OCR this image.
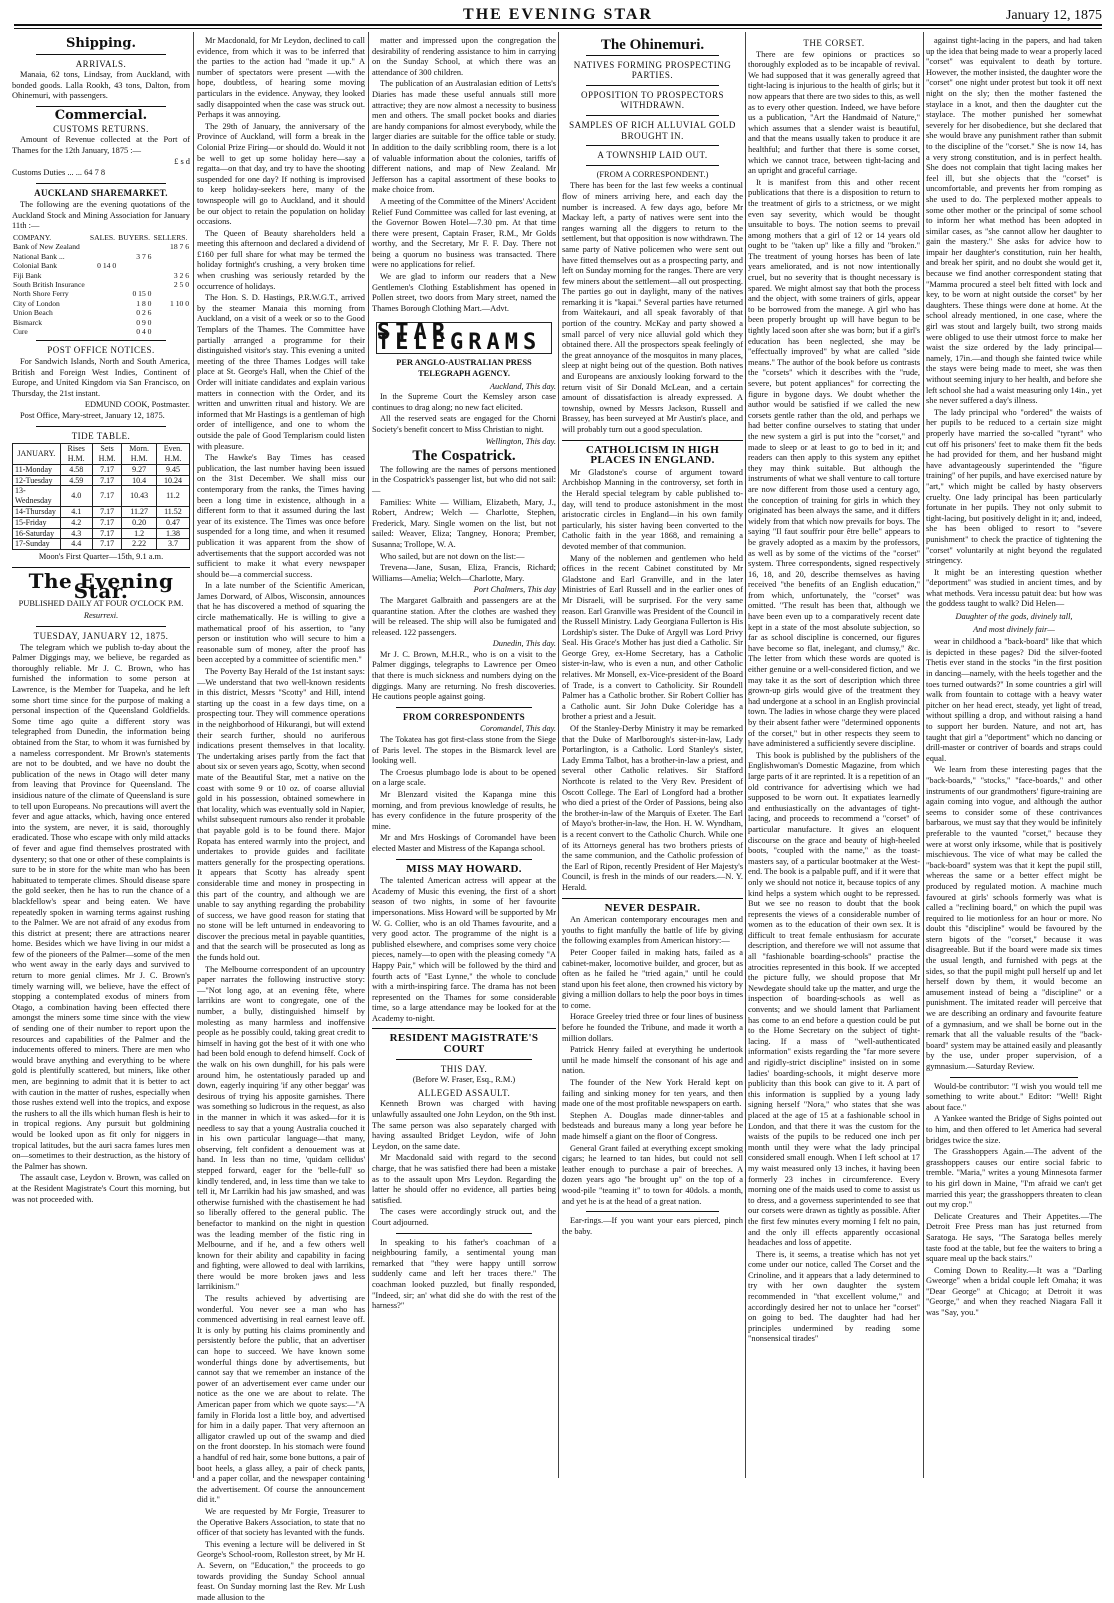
THE EVENING STAR	January 12, 1875
Shipping.
ARRIVALS.

Manaia, 62 tons, Lindsay, from Auckland, with bonded goods. Lalla Rookh, 43 tons, Dalton, from Ohinemuri, with passengers.

Commercial.
CUSTOMS RETURNS.

Amount of Revenue collected at the Port of Thames for the 12th January, 1875 :—

£ s d

Customs Duties ... ... 64 7 8

AUCKLAND SHAREMARKET.

The following are the evening quotations of the Auckland Stock and Mining Association for January 11th :—

COMPANY.	SALES.	BUYERS.	SELLERS.
Bank of New Zealand			18 7 6
National Bank ...		3 7 6	
Colonial Bank	0 14 0		
Fiji Bank			3 2 6
South British Insurance			2 5 0
North Shore Ferry		0 15 0	
City of London		1 8 0	1 10 0
Union Beach		0 2 6	
Bismarck		0 9 0	
Cure		0 4 0	
POST OFFICE NOTICES.

For Sandwich Islands, North and South America, British and Foreign West Indies, Continent of Europe, and United Kingdom via San Francisco, on Thursday, the 21st instant.

EDMUND COOK, Postmaster.

Post Office, Mary-street, January 12, 1875.

TIDE TABLE.
JANUARY.	Rises H.M.	Sets H.M.	Morn. H.M.	Even. H.M.
11-Monday	4.58	7.17	9.27	9.45
12-Tuesday	4.59	7.17	10.4	10.24
13-Wednesday	4.0	7.17	10.43	11.2
14-Thursday	4.1	7.17	11.27	11.52
15-Friday	4.2	7.17	0.20	0.47
16-Saturday	4.3	7.17	1.2	1.38
17-Sunday	4.4	7.17	2.22	3.7
Moon's First Quarter—15th, 9.1 a.m.
The Evening Star.
PUBLISHED DAILY AT FOUR O'CLOCK P.M.
Resurrexi.
TUESDAY, JANUARY 12, 1875.

The telegram which we publish to-day about the Palmer Diggings may, we believe, be regarded as thoroughly reliable. Mr J. C. Brown, who has furnished the information to some person at Lawrence, is the Member for Tuapeka, and he left some short time since for the purpose of making a personal inspection of the Queensland Goldfields. Some time ago quite a different story was telegraphed from Dunedin, the information being obtained from the Star, to whom it was furnished by a nameless correspondent. Mr Brown's statements are not to be doubted, and we have no doubt the publication of the news in Otago will deter many from leaving that Province for Queensland. The insidious nature of the climate of Queensland is sure to tell upon Europeans. No precautions will avert the fever and ague attacks, which, having once entered into the system, are never, it is said, thoroughly eradicated. Those who escape with only mild attacks of fever and ague find themselves prostrated with dysentery; so that one or other of these complaints is sure to be in store for the white man who has been habituated to temperate climes. Should disease spare the gold seeker, then he has to run the chance of a blackfellow's spear and being eaten. We have repeatedly spoken in warning terms against rushing to the Palmer. We are not afraid of any exodus from this district at present; there are attractions nearer home. Besides which we have living in our midst a few of the pioneers of the Palmer—some of the men who went away in the early days and survived to return to more genial climes. Mr J. C. Brown's timely warning will, we believe, have the effect of stopping a contemplated exodus of miners from Otago, a combination having been effected there amongst the miners some time since with the view of sending one of their number to report upon the resources and capabilities of the Palmer and the inducements offered to miners. There are men who would brave anything and everything to be where gold is plentifully scattered, but miners, like other men, are beginning to admit that it is better to act with caution in the matter of rushes, especially when those rushes extend well into the tropics, and expose the rushers to all the ills which human flesh is heir to in tropical regions. Any pursuit but goldmining would be looked upon as fit only for niggers in tropical latitudes, but the auri sacra fames lures men on—sometimes to their destruction, as the history of the Palmer has shown.

The assault case, Leydon v. Brown, was called on at the Resident Magistrate's Court this morning, but was not proceeded with.

Mr Macdonald, for Mr Leydon, declined to call evidence, from which it was to be inferred that the parties to the action had "made it up." A number of spectators were present —with the hope, doubtless, of hearing some moving particulars in the evidence. Anyway, they looked sadly disappointed when the case was struck out. Perhaps it was annoying.

The 29th of January, the anniversary of the Province of Auckland, will form a break in the Colonial Prize Firing—or should do. Would it not be well to get up some holiday here—say a regatta—on that day, and try to have the shooting suspended for one day? If nothing is improvised to keep holiday-seekers here, many of the townspeople will go to Auckland, and it should be our object to retain the population on holiday occasions.

The Queen of Beauty shareholders held a meeting this afternoon and declared a dividend of £160 per full share for what may be termed the holiday fortnight's crushing, a very broken time when crushing was seriously retarded by the occurrence of holidays.

The Hon. S. D. Hastings, P.R.W.G.T., arrived by the steamer Manaia this morning from Auckland, on a visit of a week or so to the Good Templars of the Thames. The Committee have partially arranged a programme for their distinguished visitor's stay. This evening a united meeting of the three Thames Lodges will take place at St. George's Hall, when the Chief of the Order will initiate candidates and explain various matters in connection with the Order, and its written and unwritten ritual and history. We are informed that Mr Hastings is a gentleman of high order of intelligence, and one to whom the outside the pale of Good Templarism could listen with pleasure.

The Hawke's Bay Times has ceased publication, the last number having been issued on the 31st December. We shall miss our contemporary from the ranks, the Times having been a long time in existence, although in a different form to that it assumed during the last year of its existence. The Times was once before suspended for a long time, and when it resumed publication it was apparent from the show of advertisements that the support accorded was not sufficient to make it what every newspaper should be—a commercial success.

In a late number of the Scientific American, James Dorward, of Albos, Wisconsin, announces that he has discovered a method of squaring the circle mathematically. He is willing to give a mathematical proof of his assertion, to "any person or institution who will secure to him a reasonable sum of money, after the proof has been accepted by a committee of scientific men."

The Poverty Bay Herald of the 1st instant says:—We understand that two well-known residents in this district, Messrs "Scotty" and Hill, intend starting up the coast in a few days time, on a prospecting tour. They will commence operations in the neighborhood of Hikurangi, but will extend their search further, should no auriferous indications present themselves in that locality. The undertaking arises partly from the fact that about six or seven years ago, Scotty, when second mate of the Beautiful Star, met a native on the coast with some 9 or 10 oz. of coarse alluvial gold in his possession, obtained somewhere in that locality, which was eventually sold in Napier, whilst subsequent rumours also render it probable that payable gold is to be found there. Major Ropata has entered warmly into the project, and undertakes to provide guides and facilitate matters generally for the prospecting operations. It appears that Scotty has already spent considerable time and money in prospecting in this part of the country, and although we are unable to say anything regarding the probability of success, we have good reason for stating that no stone will be left unturned in endeavoring to discover the precious metal in payable quantities, and that the search will be prosecuted as long as the funds hold out.

The Melbourne correspondent of an upcountry paper narrates the following instructive story:—"Not long ago, at an evening fête, where larrikins are wont to congregate, one of the number, a bully, distinguished himself by molesting as many harmless and inoffensive people as he possibly could, taking great credit to himself in having got the best of it with one who had been bold enough to defend himself. Cock of the walk on his own dunghill, for his pals were around him, he ostentatiously paraded up and down, eagerly inquiring 'if any other beggar' was desirous of trying his apposite garnishes. There was something so ludicrous in the request, as also in the manner in which it was asked—for it is needless to say that a young Australia couched it in his own particular language—that many, observing, felt confident a denouement was at hand. In less than no time, 'quidam cellidus' stepped forward, eager for the 'belle-full' so kindly tendered, and, in less time than we take to tell it, Mr Larrikin had his jaw smashed, and was otherwise furnished with the chastisement he had so liberally offered to the general public. The benefactor to mankind on the night in question was the leading member of the fistic ring in Melbourne, and if he, and a few others well known for their ability and capability in facing and fighting, were allowed to deal with larrikins, there would be more broken jaws and less larrikinism."

The results achieved by advertising are wonderful. You never see a man who has commenced advertising in real earnest leave off. It is only by putting his claims prominently and persistently before the public, that an advertiser can hope to succeed. We have known some wonderful things done by advertisements, but cannot say that we remember an instance of the power of an advertisement ever came under our notice as the one we are about to relate. The American paper from which we quote says:—"A family in Florida lost a little boy, and advertised for him in a daily paper. That very afternoon an alligator crawled up out of the swamp and died on the front doorstep. In his stomach were found a handful of red hair, some bone buttons, a pair of boot heels, a glass alley, a pair of check pants, and a paper collar, and the newspaper containing the advertisement. Of course the announcement did it."

We are requested by Mr Forgie, Treasurer to the Operative Bakers Association, to state that no officer of that society has levanted with the funds.

This evening a lecture will be delivered in St George's School-room, Rolleston street, by Mr H. A. Severn, on "Education," the proceeds to go towards providing the Sunday School annual feast. On Sunday morning last the Rev. Mr Lush made allusion to the

matter and impressed upon the congregation the desirability of rendering assistance to him in carrying on the Sunday School, at which there was an attendance of 300 children.

The publication of an Australasian edition of Letts's Diaries has made these useful annuals still more attractive; they are now almost a necessity to business men and others. The small pocket books and diaries are handy companions for almost everybody, while the larger diaries are suitable for the office table or study. In addition to the daily scribbling room, there is a lot of valuable information about the colonies, tariffs of different nations, and map of New Zealand. Mr Jefferson has a capital assortment of these books to make choice from.

A meeting of the Committee of the Miners' Accident Relief Fund Committee was called for last evening, at the Governor Bowen Hotel—7.30 pm. At that time there were present, Captain Fraser, R.M., Mr Golds worthy, and the Secretary, Mr F. F. Day. There not being a quorum no business was transacted. There were no applications for relief.

We are glad to inform our readers that a New Gentlemen's Clothing Establishment has opened in Pollen street, two doors from Mary street, named the Thames Borough Clothing Mart.—Advt.

STAR TELEGRAMS
PER ANGLO-AUSTRALIAN PRESS TELEGRAPH AGENCY.
Auckland, This day.

In the Supreme Court the Kemsley arson case continues to drag along; no new fact elicited.

All the reserved seats are engaged for the Chorni Society's benefit concert to Miss Christian to night.

Wellington, This day.
The Cospatrick.

The following are the names of persons mentioned in the Cospatrick's passenger list, but who did not sail:—

Families: White — William, Elizabeth, Mary, J., Robert, Andrew; Welch — Charlotte, Stephen, Frederick, Mary. Single women on the list, but not sailed: Weaver, Eliza; Tangney, Honora; Prember, Susanna; Trollope, W. A.

Who sailed, but are not down on the list:—

Trevena—Jane, Susan, Eliza, Francis, Richard; Williams—Amelia; Welch—Charlotte, Mary.

Port Chalmers, This day

The Margaret Galbraith and passengers are at the quarantine station. After the clothes are washed they will be released. The ship will also be fumigated and released. 122 passengers.

Dunedin, This day.

Mr J. C. Brown, M.H.R., who is on a visit to the Palmer diggings, telegraphs to Lawrence per Omeo that there is much sickness and numbers dying on the diggings. Many are returning. No fresh discoveries. He cautions people against going.

FROM CORRESPONDENTS
Coromandel, This day.

The Tokatea has got first-class stone from the Siege of Paris level. The stopes in the Bismarck level are looking well.

The Croesus plumbago lode is about to be opened on a large scale.

Mr Blenzard visited the Kapanga mine this morning, and from previous knowledge of results, he has every confidence in the future prosperity of the mine.

Mr and Mrs Hoskings of Coromandel have been elected Master and Mistress of the Kapanga school.

MISS MAY HOWARD.

The talented American actress will appear at the Academy of Music this evening, the first of a short season of two nights, in some of her favourite impersonations. Miss Howard will be supported by Mr W. G. Collier, who is an old Thames favourite, and a very good actor. The programme of the night is a published elsewhere, and comprises some very choice pieces, namely—to open with the pleasing comedy "A Happy Pair," which will be followed by the third and fourth acts of "East Lynne," the whole to conclude with a mirth-inspiring farce. The drama has not been represented on the Thames for some considerable time, so a large attendance may be looked for at the Academy to-night.

RESIDENT MAGISTRATE'S COURT
THIS DAY.
(Before W. Fraser, Esq., R.M.)
ALLEGED ASSAULT.

Kenneth Brown was charged with having unlawfully assaulted one John Leydon, on the 9th inst. The same person was also separately charged with having assaulted Bridget Leydon, wife of John Leydon, on the same date.

Mr Macdonald said with regard to the second charge, that he was satisfied there had been a mistake as to the assault upon Mrs Leydon. Regarding the latter he should offer no evidence, all parties being satisfied.

The cases were accordingly struck out, and the Court adjourned.

In speaking to his father's coachman of a neighbouring family, a sentimental young man remarked that "they were happy untill sorrow suddenly came and left her traces there." The coachman looked puzzled, but finally responded, "Indeed, sir; an' what did she do with the rest of the harness?"

The Ohinemuri.
NATIVES FORMING PROSPECTING PARTIES.
OPPOSITION TO PROSPECTORS WITHDRAWN.
SAMPLES OF RICH ALLUVIAL GOLD BROUGHT IN.
A TOWNSHIP LAID OUT.
(FROM A CORRESPONDENT.)

There has been for the last few weeks a continual flow of miners arriving here, and each day the number is increased. A few days ago, before Mr Mackay left, a party of natives were sent into the ranges warning all the diggers to return to the settlement, but that opposition is now withdrawn. The same party of Native policemen who were sent out have fitted themselves out as a prospecting party, and left on Sunday morning for the ranges. There are very few miners about the settlement—all out prospecting. The parties go out in daylight, many of the natives remarking it is "kapai." Several parties have returned from Waitekauri, and all speak favorably of that portion of the country. McKay and party showed a small parcel of very nice alluvial gold which they obtained there. All the prospectors speak feelingly of the great annoyance of the mosquitos in many places, sleep at night being out of the question. Both natives and Europeans are anxiously looking forward to the return visit of Sir Donald McLean, and a certain amount of dissatisfaction is already expressed. A township, owned by Messrs Jackson, Russell and Brassey, has been surveyed at Mr Austin's place, and will probably turn out a good speculation.

CATHOLICISM IN HIGH PLACES IN ENGLAND.

Mr Gladstone's course of argument toward Archbishop Manning in the controversy, set forth in the Herald special telegram by cable published to-day, will tend to produce astonishment in the most aristocratic circles in England—in his own family particularly, his sister having been converted to the Catholic faith in the year 1868, and remaining a devoted member of that communion.

Many of the noblemen and gentlemen who held offices in the recent Cabinet constituted by Mr Gladstone and Earl Granville, and in the later Ministries of Earl Russell and in the earlier ones of Mr Disraeli, will be surprised. For the very same reason. Earl Granville was President of the Council in the Russell Ministry. Lady Georgiana Fullerton is His Lordship's sister. The Duke of Argyll was Lord Privy Seal. His Grace's Mother has just died a Catholic. Sir George Grey, ex-Home Secretary, has a Catholic sister-in-law, who is even a nun, and other Catholic relatives. Mr Monsell, ex-Vice-president of the Board of Trade, is a convert to Catholicity. Sir Roundell Palmer has a Catholic brother. Sir Robert Collier has a Catholic aunt. Sir John Duke Coleridge has a brother a priest and a Jesuit.

Of the Stanley-Derby Ministry it may be remarked that the Duke of Marlborough's sister-in-law, Lady Portarlington, is a Catholic. Lord Stanley's sister, Lady Emma Talbot, has a brother-in-law a priest, and several other Catholic relatives. Sir Stafford Northcote is related to the Very Rev. President of Oscott College. The Earl of Longford had a brother who died a priest of the Order of Passions, being also the brother-in-law of the Marquis of Exeter. The Earl of Mayo's brother-in-law, the Hon. H. W. Wyndham, is a recent convert to the Catholic Church. While one of its Attorneys general has two brothers priests of the same communion, and the Catholic profession of the Earl of Ripon, recently President of Her Majesty's Council, is fresh in the minds of our readers.—N. Y. Herald.

NEVER DESPAIR.

An American contemporary encourages men and youths to fight manfully the battle of life by giving the following examples from American history:—

Peter Cooper failed in making hats, failed as a cabinet-maker, locomotive builder, and grocer, but as often as he failed he "tried again," until he could stand upon his feet alone, then crowned his victory by giving a million dollars to help the poor boys in times to come.

Horace Greeley tried three or four lines of business before he founded the Tribune, and made it worth a million dollars.

Patrick Henry failed at everything he undertook until he made himself the consonant of his age and nation.

The founder of the New York Herald kept on failing and sinking money for ten years, and then made one of the most profitable newspapers on earth.

Stephen A. Douglas made dinner-tables and bedsteads and bureaus many a long year before he made himself a giant on the floor of Congress.

General Grant failed at everything except smoking cigars; he learned to tan hides, but could not sell leather enough to purchase a pair of breeches. A dozen years ago "he brought up" on the top of a wood-pile "teaming it" to town for 40dols. a month, and yet he is at the head of a great nation.

Ear-rings.—If you want your ears pierced, pinch the baby.

THE CORSET.

There are few opinions or practices so thoroughly exploded as to be incapable of revival. We had supposed that it was generally agreed that tight-lacing is injurious to the health of girls; but it now appears that there are two sides to this, as well as to every other question. Indeed, we have before us a publication, "Art the Handmaid of Nature," which assumes that a slender waist is beautiful, and that the means usually taken to produce it are healthful; and further that there is some corset, which we cannot trace, between tight-lacing and an upright and graceful carriage.

It is manifest from this and other recent publications that there is a disposition to return to the treatment of girls to a strictness, or we might even say severity, which would be thought unsuitable to boys. The notion seems to prevail among mothers that a girl of 12 or 14 years old ought to be "taken up" like a filly and "broken." The treatment of young horses has been of late years ameliorated, and is not now intentionally cruel, but no severity that is thought necessary is spared. We might almost say that both the process and the object, with some trainers of girls, appear to be borrowed from the manege. A girl who has been properly brought up will have begun to be tightly laced soon after she was born; but if a girl's education has been neglected, she may be "effectually improved" by what are called "side means." The author of the book before us contrasts the "corsets" which it describes with the "rude, severe, but potent appliances" for correcting the figure in bygone days. We doubt whether the author would be satisfied if we called the new corsets gentle rather than the old, and perhaps we had better confine ourselves to stating that under the new system a girl is put into the "corset," and made to sleep or at least to go to bed in it; and readers can then apply to this system any epithet they may think suitable. But although the instruments of what we shall venture to call torture are now different from those used a century ago, the conception of training for girls in which they originated has been always the same, and it differs widely from that which now prevails for boys. The saying "Il faut souffrir pour être belle" appears to be gravely adopted as a maxim by the professors, as well as by some of the victims of the "corset" system. Three correspondents, signed respectively 16, 18, and 20, describe themselves as having received "the benefits of an English education," from which, unfortunately, the "corset" was omitted. "The result has been that, although we have been even up to a comparatively recent date kept in a state of the most absolute subjection, so far as school discipline is concerned, our figures have become so flat, inelegant, and clumsy," &c. The letter from which these words are quoted is either genuine or a well-considered fiction, and we may take it as the sort of description which three grown-up girls would give of the treatment they had undergone at a school in an English provincial town. The ladies in whose charge they were placed by their absent father were "determined opponents of the corset," but in other respects they seem to have administered a sufficiently severe discipline.

This book is published by the publishers of the Englishwoman's Domestic Magazine, from which large parts of it are reprinted. It is a repetition of an old contrivance for advertising which we had supposed to be worn out. It expatiates learnedly and enthusiastically on the advantages of tight-lacing, and proceeds to recommend a "corset" of particular manufacture. It gives an eloquent discourse on the grace and beauty of high-heeled boots, "coupled with the name," as the toast-masters say, of a particular bootmaker at the West-end. The book is a palpable puff, and if it were that only we should not notice it, because topics of any kind helps a system which ought to be repressed. But we see no reason to doubt that the book represents the views of a considerable number of women as to the education of their own sex. It is difficult to treat female enthusiasm for accurate description, and therefore we will not assume that all "fashionable boarding-schools" practise the atrocities represented in this book. If we accepted the picture fully, we should propose that Mr Newdegate should take up the matter, and urge the inspection of boarding-schools as well as convents; and we should lament that Parliament has come to an end before a question could be put to the Home Secretary on the subject of tight-lacing. If a mass of "well-authenticated information" exists regarding the "far more severe and rigidly-strict discipline" insisted on in some ladies' boarding-schools, it might deserve more publicity than this book can give to it. A part of this information is supplied by a young lady signing herself "Nora," who states that she was placed at the age of 15 at a fashionable school in London, and that there it was the custom for the waists of the pupils to be reduced one inch per month until they were what the lady principal considered small enough. When I left school at 17 my waist measured only 13 inches, it having been formerly 23 inches in circumference. Every morning one of the maids used to come to assist us to dress, and a governess superintended to see that our corsets were drawn as tightly as possible. After the first few minutes every morning I felt no pain, and the only ill effects apparently occasional headaches and loss of appetite.

There is, it seems, a treatise which has not yet come under our notice, called The Corset and the Crinoline, and it appears that a lady determined to try with her own daughter the system recommended in "that excellent volume," and accordingly desired her not to unlace her "corset" on going to bed. The daughter had had her principles undermined by reading some "nonsensical tirades"

against tight-lacing in the papers, and had taken up the idea that being made to wear a properly laced "corset" was equivalent to death by torture. However, the mother insisted, the daughter wore the "corset" one night under protest but took it off next night on the sly; then the mother fastened the staylace in a knot, and then the daughter cut the staylace. The mother punished her somewhat severely for her disobedience, but she declared that she would brave any punishment rather than submit to the discipline of the "corset." She is now 14, has a very strong constitution, and is in perfect health. She does not complain that tight lacing makes her feel ill, but she objects that the "corset" is uncomfortable, and prevents her from romping as she used to do. The perplexed mother appeals to some other mother or the principal of some school to inform her what method has been adopted in similar cases, as "she cannot allow her daughter to gain the mastery." She asks for advice how to impair her daughter's constitution, ruin her health, and break her spirit, and no doubt she would get it, because we find another correspondent stating that "Mamma procured a steel belt fitted with lock and key, to be worn at night outside the corset" by her daughters. These things were done at home. At the school already mentioned, in one case, where the girl was stout and largely built, two strong maids were obliged to use their utmost force to make her waist the size ordered by the lady principal—namely, 17in.—and though she fainted twice while the stays were being made to meet, she was then without seeming injury to her health, and before she left school she had a waist measuring only 14in., yet she never suffered a day's illness.

The lady principal who "ordered" the waists of her pupils to be reduced to a certain size might properly have married the so-called "tyrant" who cut off his prisoners' feet to make them fit the beds he had provided for them, and her husband might have advantageously superintended the "figure training" of her pupils, and have exercised nature by "art," which might be called by hasty observers cruelty. One lady principal has been particularly fortunate in her pupils. They not only submit to tight-lacing, but positively delight in it; and, indeed, she has been obliged to resort to "severe punishment" to check the practice of tightening the "corset" voluntarily at night beyond the regulated stringency.

It might be an interesting question whether "deportment" was studied in ancient times, and by what methods. Vera incessu patuit dea: but how was the goddess taught to walk? Did Helen—

Daughter of the gods, divinely tall,
And most divinely fair—

wear in childhood a "back-board" like that which is depicted in these pages? Did the silver-footed Thetis ever stand in the stocks "in the first position in dancing—namely, with the heels together and the toes turned outwards?" In some countries a girl will walk from fountain to cottage with a heavy water pitcher on her head erect, steady, yet light of tread, without spilling a drop, and without raising a hand to support her burden. Nature, and not art, has taught that girl a "deportment" which no dancing or drill-master or contriver of boards and straps could equal.

We learn from these interesting pages that the "back-boards," "stocks," "face-boards," and other instruments of our grandmothers' figure-training are again coming into vogue, and although the author seems to consider some of these contrivances barbarous, we must say that they would be infinitely preferable to the vaunted "corset," because they were at worst only irksome, while that is positively mischievous. The vice of what may be called the "back-board" system was that it kept the pupil still, whereas the same or a better effect might be produced by regulated motion. A machine much favoured at girls' schools formerly was what is called a "reclining board," on which the pupil was required to lie motionless for an hour or more. No doubt this "discipline" would be favoured by the stern bigots of the "corset," because it was disagreeable. But if the board were made six times the usual length, and furnished with pegs at the sides, so that the pupil might pull herself up and let herself down by them, it would become an amusement instead of being a "discipline" or a punishment. The imitated reader will perceive that we are describing an ordinary and favourite feature of a gymnasium, and we shall be borne out in the remark that all the valuable results of the "back-board" system may be attained easily and pleasantly by the use, under proper supervision, of a gymnasium.—Saturday Review.

Would-be contributor: "I wish you would tell me something to write about." Editor: "Well! Right about face."

A Yankee wanted the Bridge of Sighs pointed out to him, and then offered to let America had several bridges twice the size.

The Grasshoppers Again.—The advent of the grasshoppers causes our entire social fabric to tremble. "Maria," writes a young Minnesota farmer to his girl down in Maine, "I'm afraid we can't get married this year; the grasshoppers threaten to clean out my crop."

Delicate Creatures and Their Appetites.—The Detroit Free Press man has just returned from Saratoga. He says, "The Saratoga belles merely taste food at the table, but fee the waiters to bring a square meal up the back stairs."

Coming Down to Reality.—It was a "Darling Gweorge" when a bridal couple left Omaha; it was "Dear George" at Chicago; at Detroit it was "George," and when they reached Niagara Fall it was "Say, you."
